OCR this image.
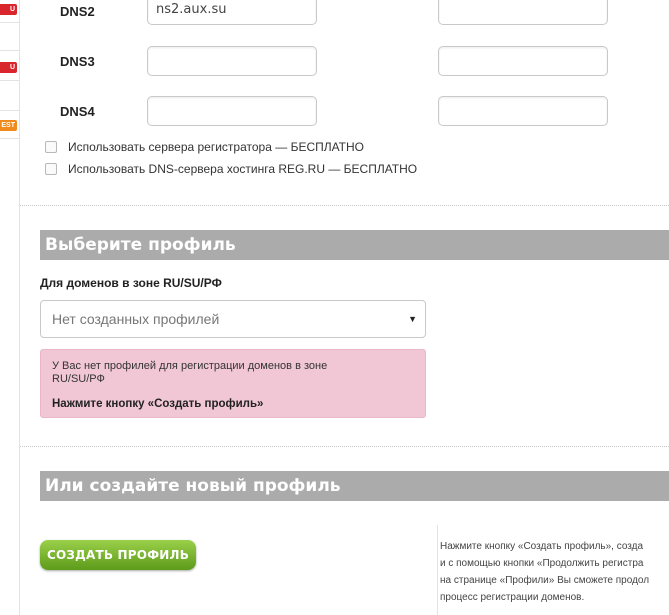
U
U
EST
DNS2	ns2.aux.su
DNS3
DNS4
Использовать сервера регистратора — БЕСПЛАТНО
Использовать DNS-сервера хостинга REG.RU — БЕСПЛАТНО
Выберите профиль
Для доменов в зоне RU/SU/РФ
Нет созданных профилей	▼
У Вас нет профилей для регистрации доменов в зоне RU/SU/РФ
Нажмите кнопку «Создать профиль»
Или создайте новый профиль
СОЗДАТЬ ПРОФИЛЬ
Нажмите кнопку «Создать профиль», созда
и с помощью кнопки «Продолжить регистра
на странице «Профили» Вы сможете продол
процесс регистрации доменов.
